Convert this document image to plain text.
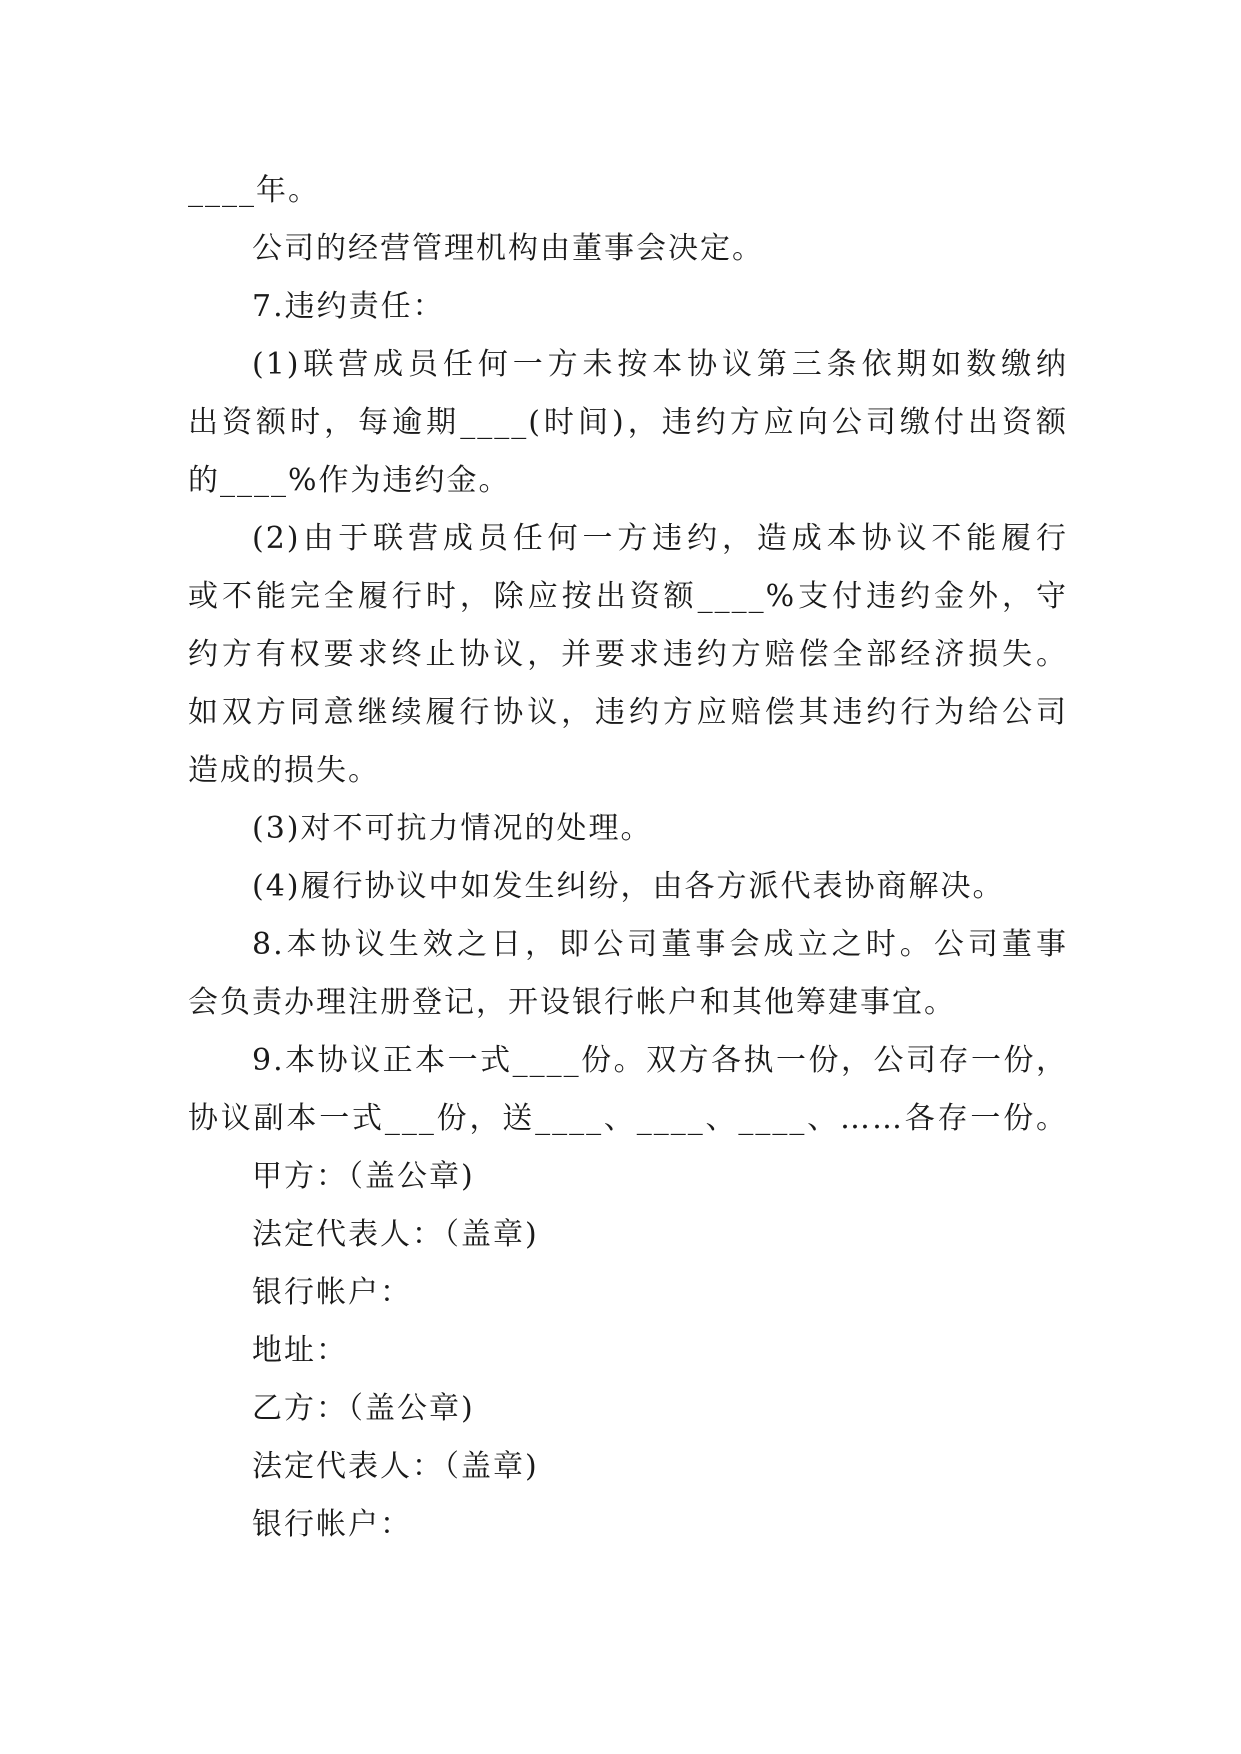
____年。
公司的经营管理机构由董事会决定。
7.违约责任：
(1)联营成员任何一方未按本协议第三条依期如数缴纳
出资额时，每逾期____(时间)，违约方应向公司缴付出资额
的____%作为违约金。
(2)由于联营成员任何一方违约，造成本协议不能履行
或不能完全履行时，除应按出资额____%支付违约金外，守
约方有权要求终止协议，并要求违约方赔偿全部经济损失。
如双方同意继续履行协议，违约方应赔偿其违约行为给公司
造成的损失。
(3)对不可抗力情况的处理。
(4)履行协议中如发生纠纷，由各方派代表协商解决。
8.本协议生效之日，即公司董事会成立之时。公司董事
会负责办理注册登记，开设银行帐户和其他筹建事宜。
9.本协议正本一式____份。双方各执一份，公司存一份，
协议副本一式___份，送____、____、____、……各存一份。
甲方：（盖公章)
法定代表人：（盖章)
银行帐户：
地址：
乙方：（盖公章)
法定代表人：（盖章)
银行帐户：
